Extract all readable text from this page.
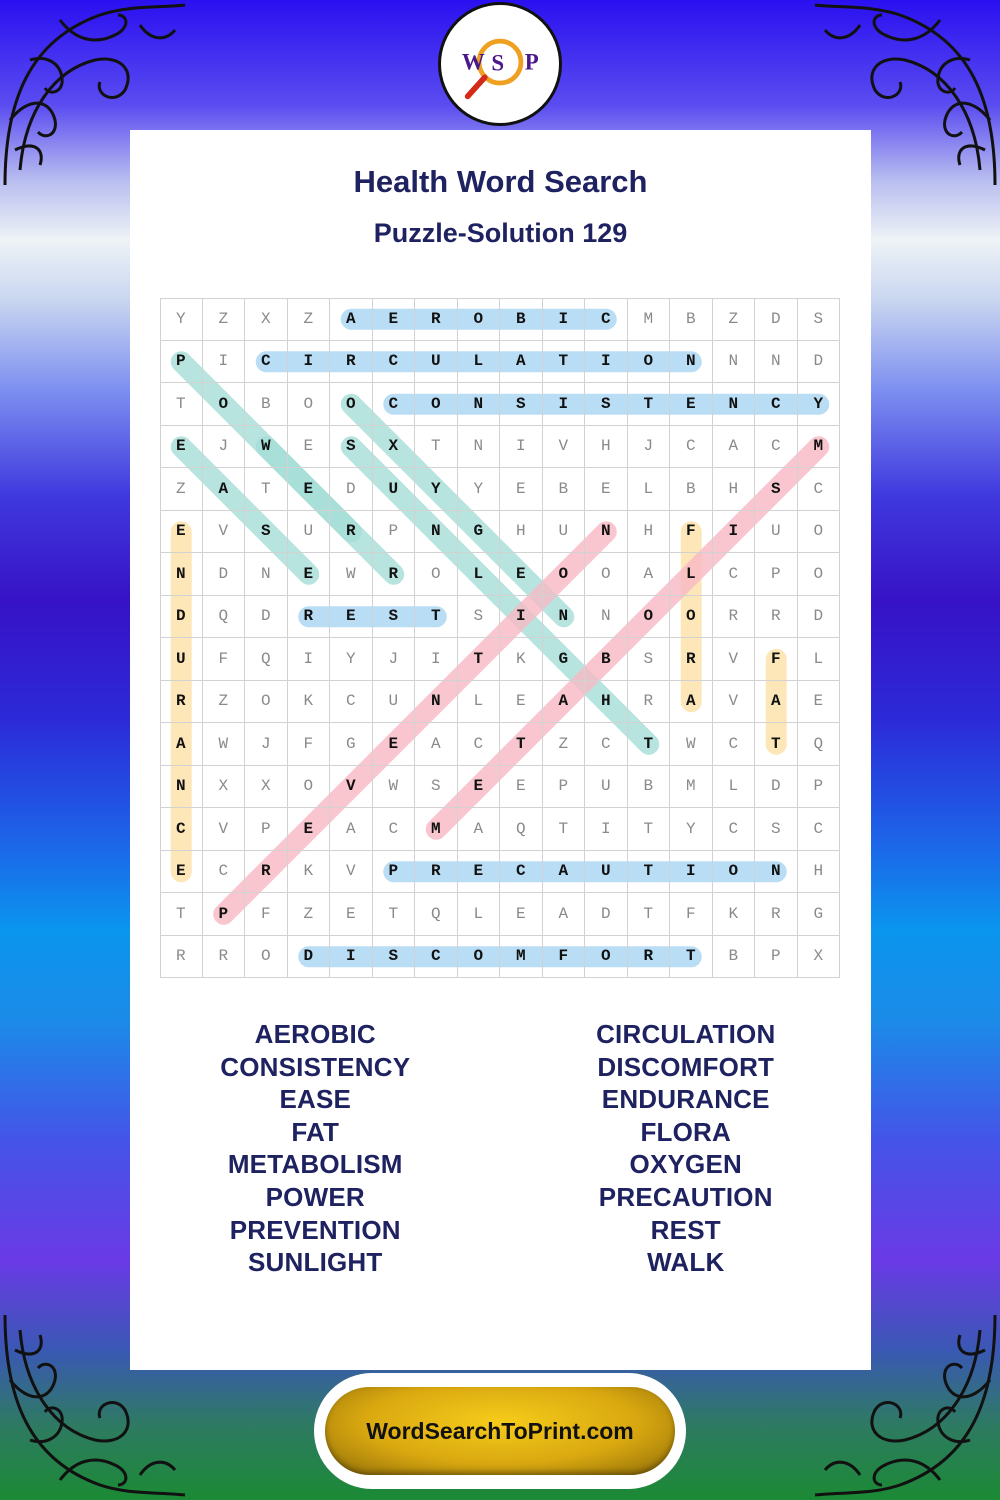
W S P
Health Word Search
Puzzle-Solution 129
Y	Z	X	Z	A	E	R	O	B	I	C	M	B	Z	D	S
P	I	C	I	R	C	U	L	A	T	I	O	N	N	N	D
T	O	B	O	O	C	O	N	S	I	S	T	E	N	C	Y
E	J	W	E	S	X	T	N	I	V	H	J	C	A	C	M
Z	A	T	E	D	U	Y	Y	E	B	E	L	B	H	S	C
E	V	S	U	R	P	N	G	H	U	N	H	F	I	U	O
N	D	N	E	W	R	O	L	E	O	O	A	L	C	P	O
D	Q	D	R	E	S	T	S	I	N	N	O	O	R	R	D
U	F	Q	I	Y	J	I	T	K	G	B	S	R	V	F	L
R	Z	O	K	C	U	N	L	E	A	H	R	A	V	A	E
A	W	J	F	G	E	A	C	T	Z	C	T	W	C	T	Q
N	X	X	O	V	W	S	E	E	P	U	B	M	L	D	P
C	V	P	E	A	C	M	A	Q	T	I	T	Y	C	S	C
E	C	R	K	V	P	R	E	C	A	U	T	I	O	N	H
T	P	F	Z	E	T	Q	L	E	A	D	T	F	K	R	G
R	R	O	D	I	S	C	O	M	F	O	R	T	B	P	X
AEROBIC
CONSISTENCY
EASE
FAT
METABOLISM
POWER
PREVENTION
SUNLIGHT
CIRCULATION
DISCOMFORT
ENDURANCE
FLORA
OXYGEN
PRECAUTION
REST
WALK
WordSearchToPrint.com
